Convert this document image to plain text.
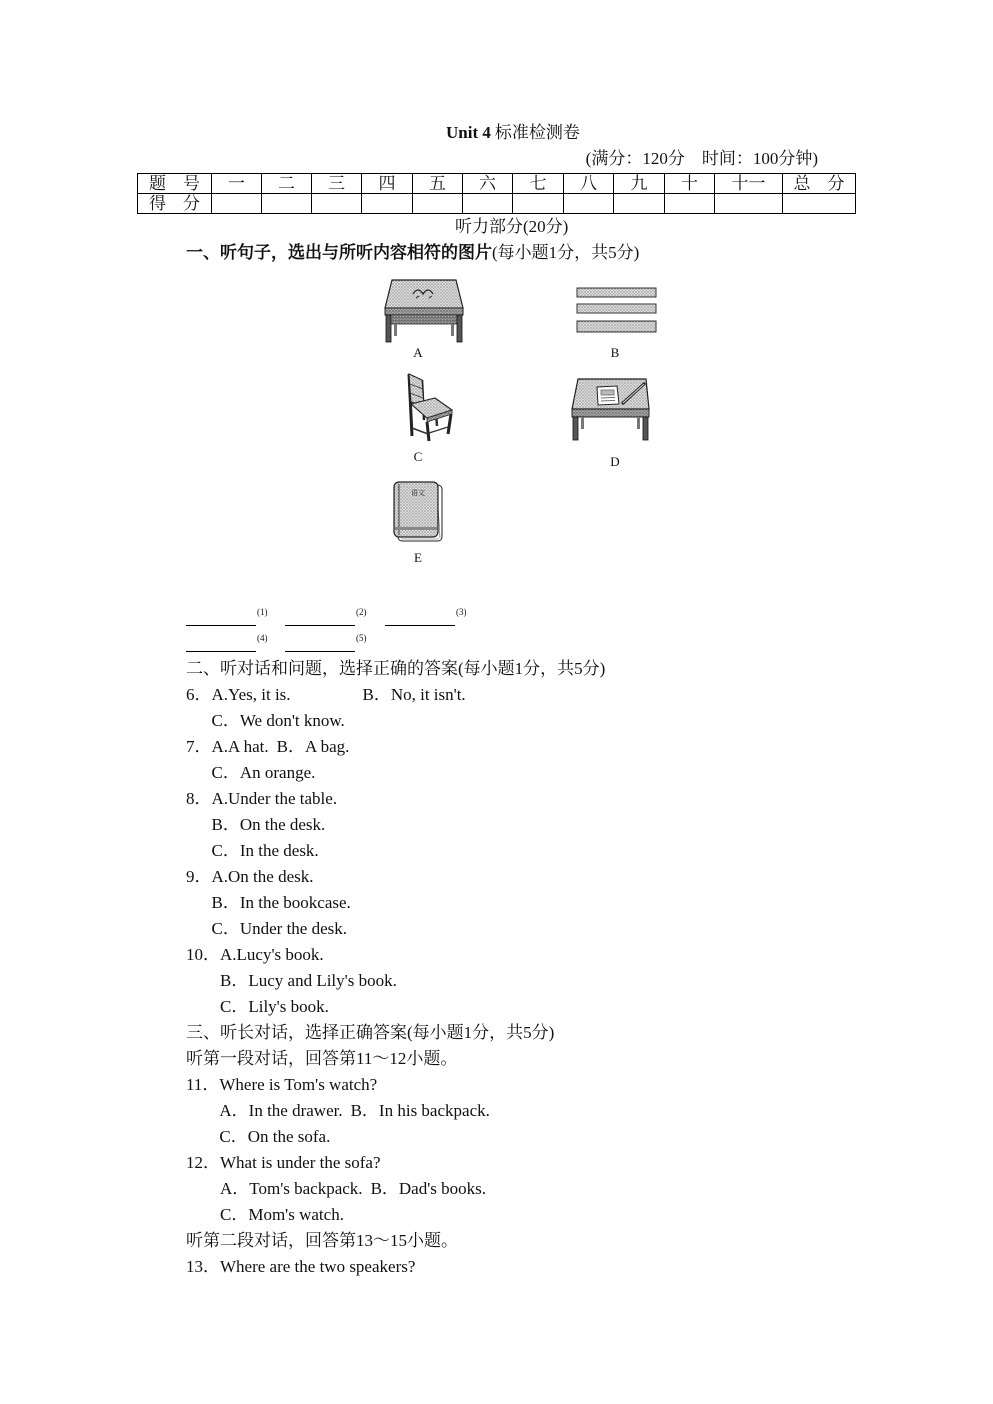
Unit 4 标准检测卷
(满分：120分　时间：100分钟)
题　号	一	二	三	四	五	六	七	八	九	十	十一	总　分
得　分												
听力部分(20分)
一、听句子，选出与所听内容相符的图片(每小题1分，共5分)
A	B
C	D
语文
E
(1)	(2)	(3)
(4)	(5)
二、听对话和问题，选择正确的答案(每小题1分，共5分)
6． A.Yes, it is.	B．No, it isn't.
C．We don't know.
7． A.A hat. B．A bag.
C．An orange.
8． A.Under the table.
B．On the desk.
C．In the desk.
9． A.On the desk.
B．In the bookcase.
C．Under the desk.
10． A.Lucy's book.
B．Lucy and Lily's book.
C．Lily's book.
三、听长对话，选择正确答案(每小题1分，共5分)
听第一段对话，回答第11～12小题。
11． Where is Tom's watch?
A．In the drawer. B．In his backpack.
C．On the sofa.
12． What is under the sofa?
A．Tom's backpack. B．Dad's books.
C．Mom's watch.
听第二段对话，回答第13～15小题。
13． Where are the two speakers?
